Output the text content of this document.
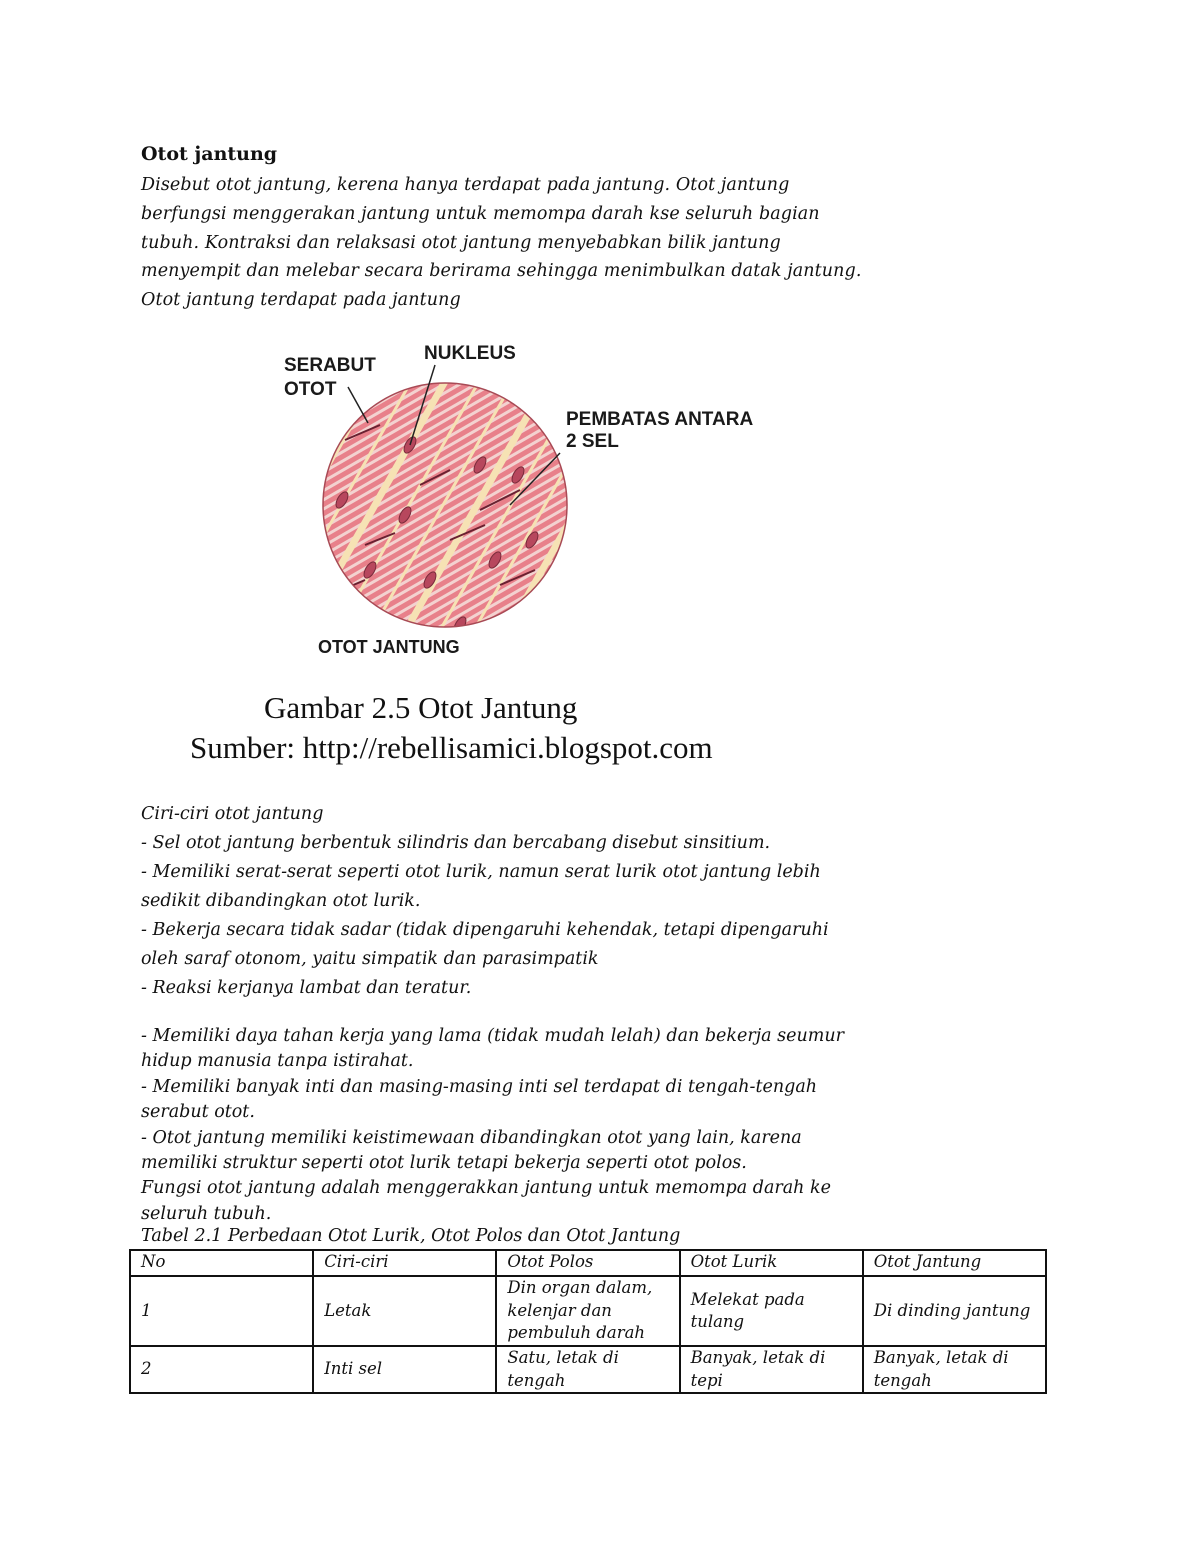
Otot jantung
Disebut otot jantung, kerena hanya terdapat pada jantung. Otot jantung
berfungsi menggerakan jantung untuk memompa darah kse seluruh bagian
tubuh. Kontraksi dan relaksasi otot jantung menyebabkan bilik jantung
menyempit dan melebar secara berirama sehingga menimbulkan datak jantung.
Otot jantung terdapat pada jantung
SERABUT
OTOT
NUKLEUS
PEMBATAS ANTARA
2 SEL
OTOT JANTUNG
Gambar 2.5 Otot Jantung
Sumber: http://rebellisamici.blogspot.com
Ciri-ciri otot jantung
- Sel otot jantung berbentuk silindris dan bercabang disebut sinsitium.
- Memiliki serat-serat seperti otot lurik, namun serat lurik otot jantung lebih
sedikit dibandingkan otot lurik.
- Bekerja secara tidak sadar (tidak dipengaruhi kehendak, tetapi dipengaruhi
oleh saraf otonom, yaitu simpatik dan parasimpatik
- Reaksi kerjanya lambat dan teratur.
- Memiliki daya tahan kerja yang lama (tidak mudah lelah) dan bekerja seumur
hidup manusia tanpa istirahat.
- Memiliki banyak inti dan masing-masing inti sel terdapat di tengah-tengah
serabut otot.
- Otot jantung memiliki keistimewaan dibandingkan otot yang lain, karena
memiliki struktur seperti otot lurik tetapi bekerja seperti otot polos.
Fungsi otot jantung adalah menggerakkan jantung untuk memompa darah ke
seluruh tubuh.
Tabel 2.1 Perbedaan Otot Lurik, Otot Polos dan Otot Jantung
No	Ciri-ciri	Otot Polos	Otot Lurik	Otot Jantung
1	Letak	Din organ dalam, kelenjar dan pembuluh darah	Melekat pada tulang	Di dinding jantung
2	Inti sel	Satu, letak di tengah	Banyak, letak di tepi	Banyak, letak di tengah
